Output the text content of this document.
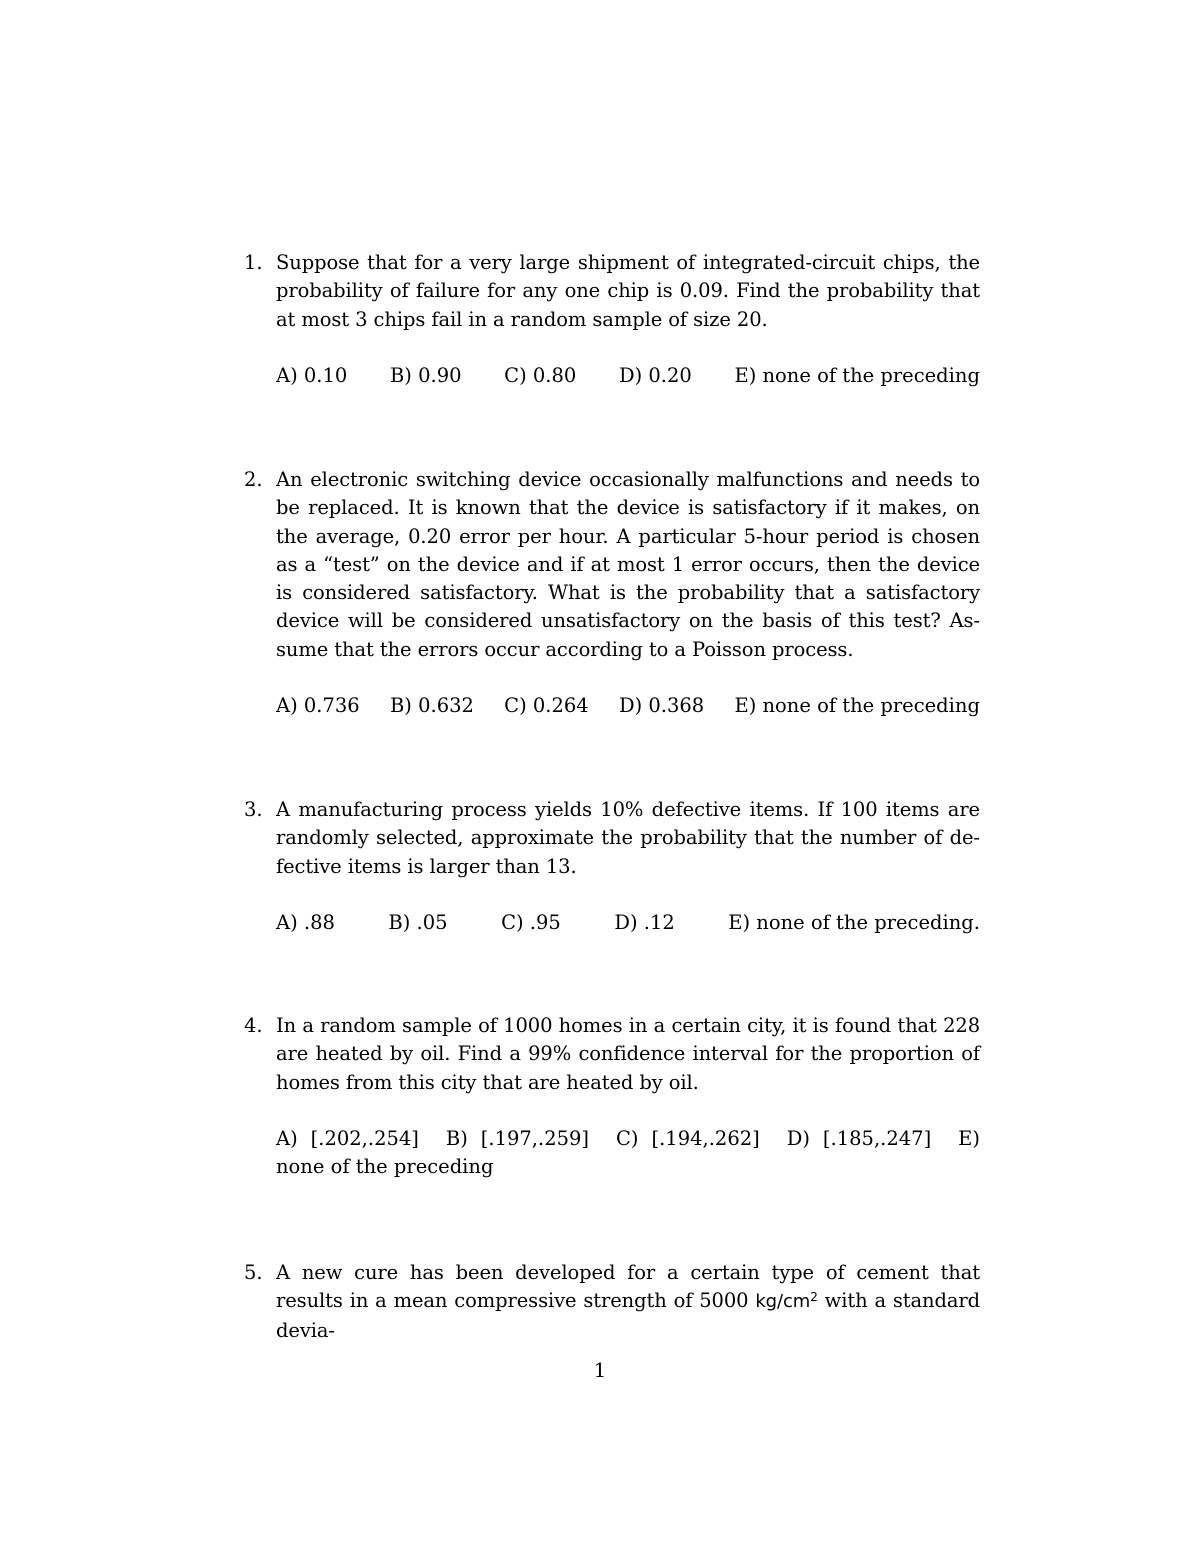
1. Suppose that for a very large shipment of integrated-circuit chips, the probability of failure for any one chip is 0.09. Find the probability that at most 3 chips fail in a random sample of size 20.

A) 0.10 B) 0.90 C) 0.80 D) 0.20 E) none of the preceding
2. An electronic switching device occasionally malfunctions and needs to be replaced. It is known that the device is satisfactory if it makes, on the average, 0.20 error per hour. A particular 5-hour period is chosen as a “test” on the device and if at most 1 error occurs, then the device is considered satisfactory. What is the probability that a satisfactory device will be considered unsatisfactory on the basis of this test? Assume that the errors occur according to a Poisson process.

A) 0.736 B) 0.632 C) 0.264 D) 0.368 E) none of the preceding
3. A manufacturing process yields 10% defective items. If 100 items are randomly selected, approximate the probability that the number of defective items is larger than 13.

A) .88	B) .05	C) .95	D) .12	E) none of the preceding.
4. In a random sample of 1000 homes in a certain city, it is found that 228 are heated by oil. Find a 99% confidence interval for the proportion of homes from this city that are heated by oil.

A) [.202,.254] B) [.197,.259] C) [.194,.262] D) [.185,.247] E) none of the preceding
5. A new cure has been developed for a certain type of cement that results in a mean compressive strength of 5000 $kg/cm^2$ with a standard devia-

1
